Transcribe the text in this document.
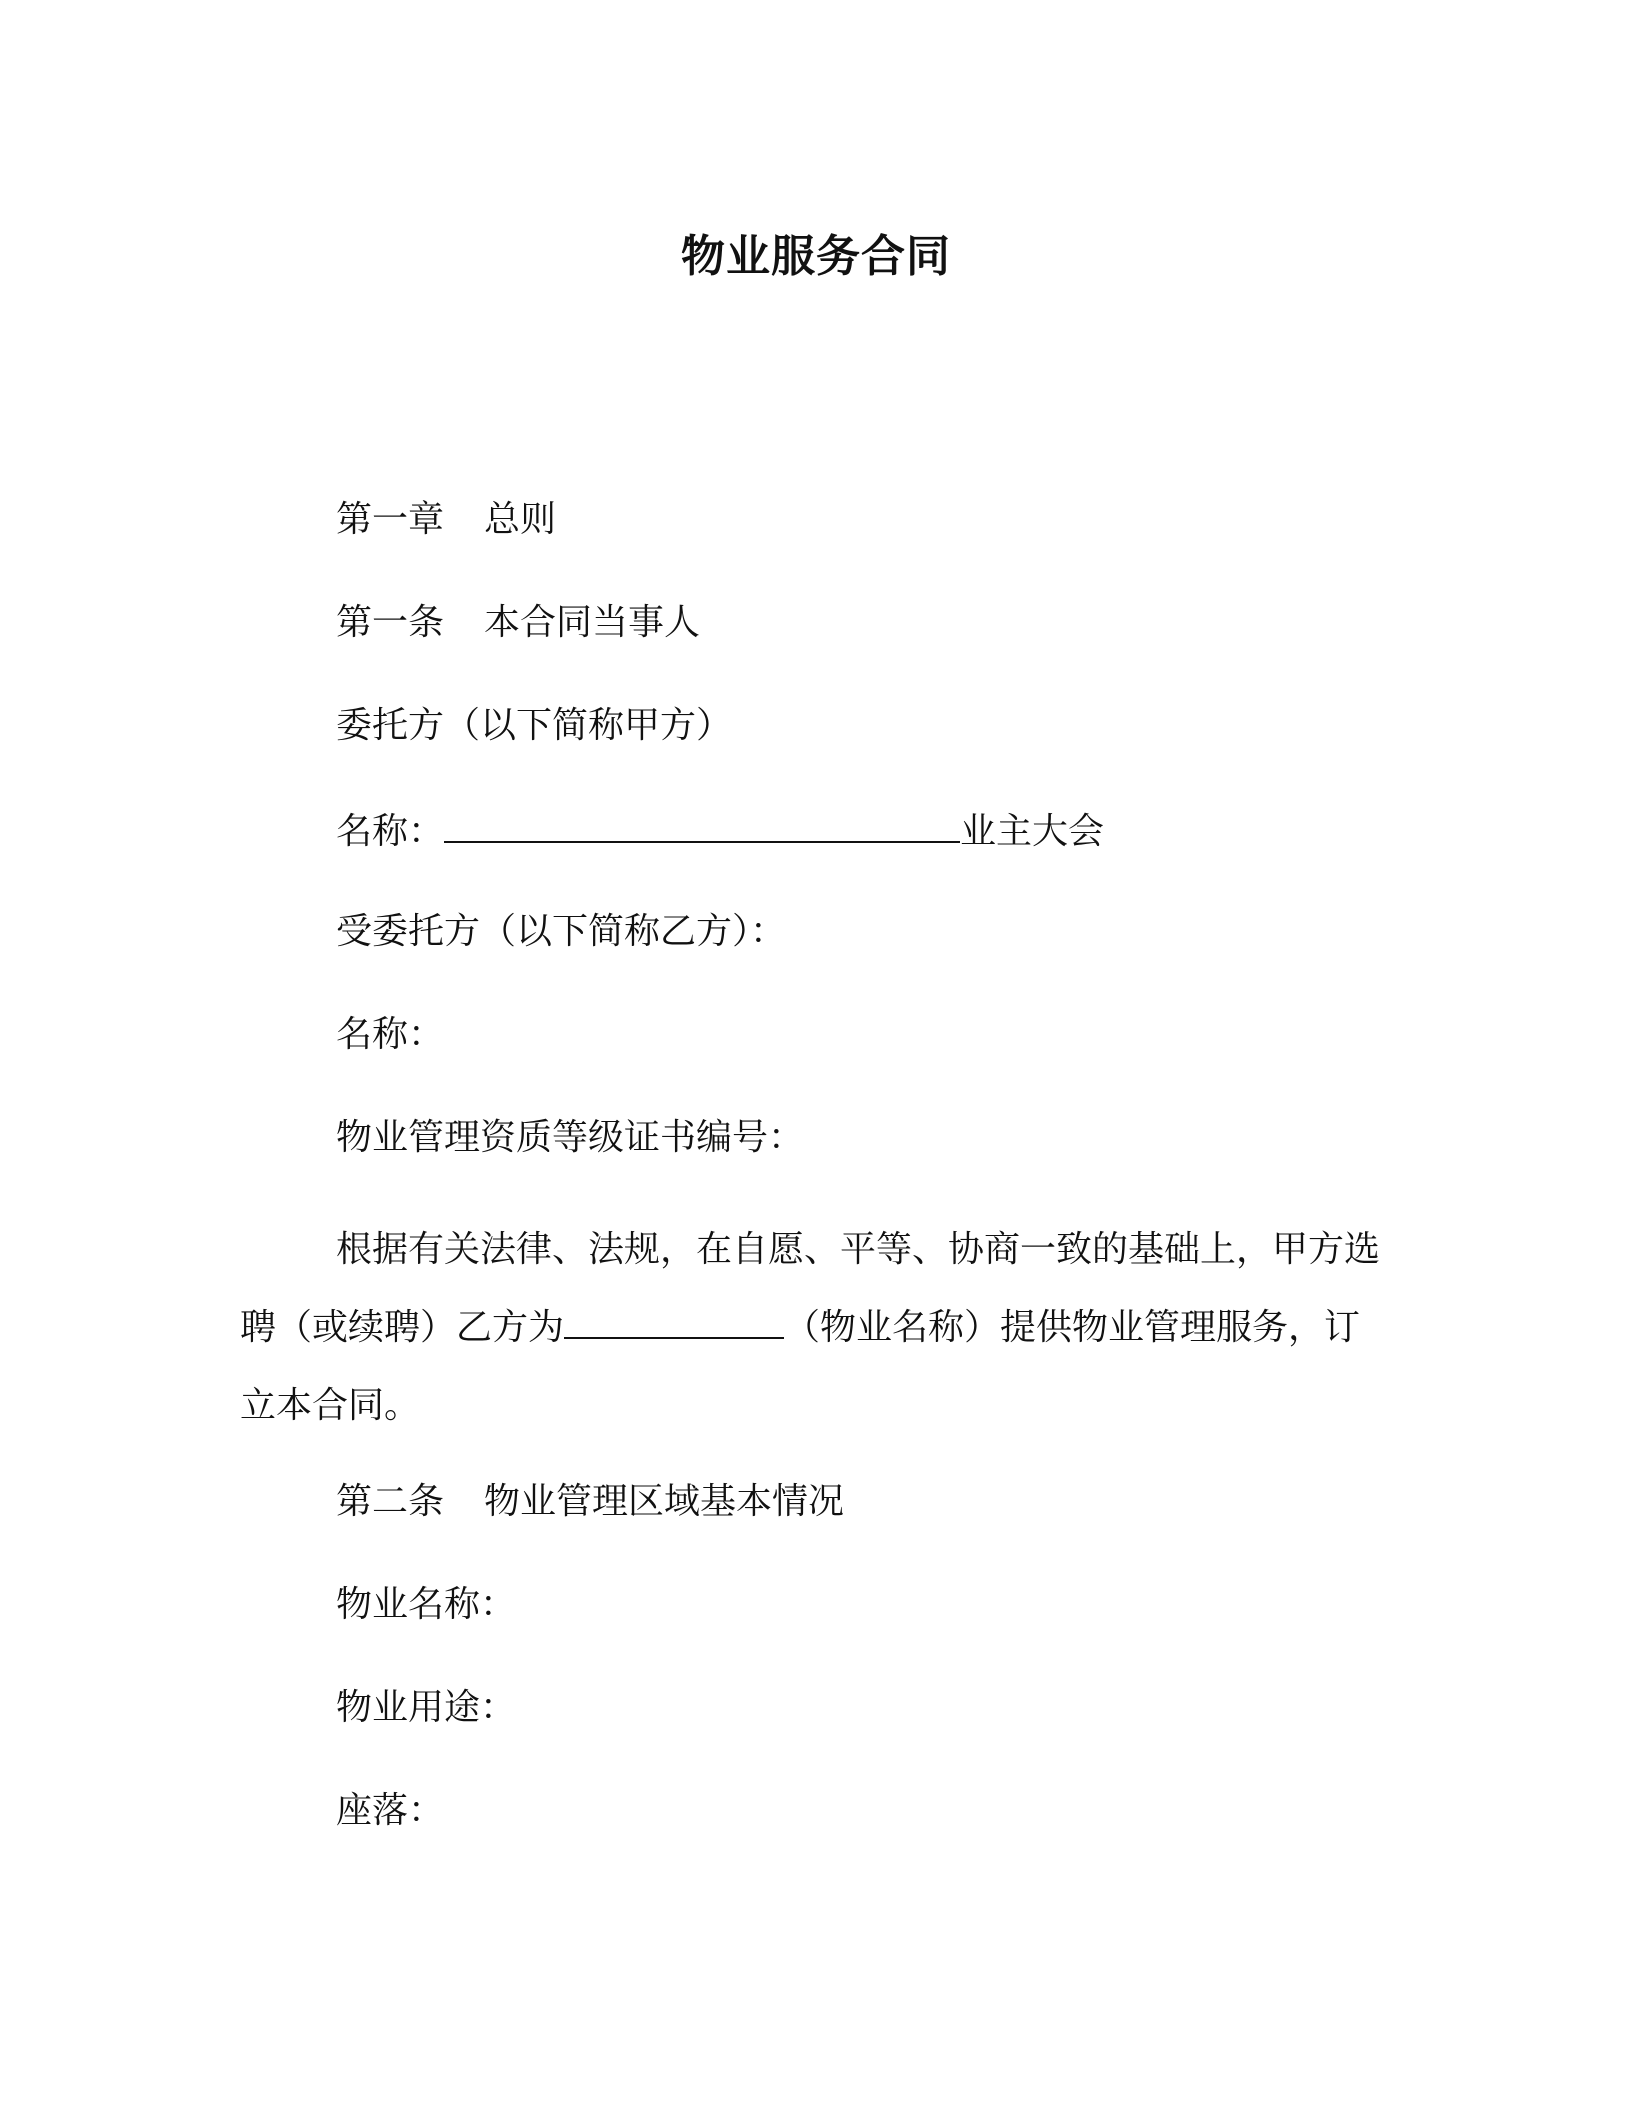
物业服务合同
第一章 总则
第一条 本合同当事人
委托方（以下简称甲方）
名称：	业主大会
受委托方（以下简称乙方）：
名称：
物业管理资质等级证书编号：
根据有关法律、法规，在自愿、平等、协商一致的基础上，甲方选聘（或续聘）乙方为	（物业名称）提供物业管理服务，订立本合同。
第二条 物业管理区域基本情况
物业名称：
物业用途：
座落：
